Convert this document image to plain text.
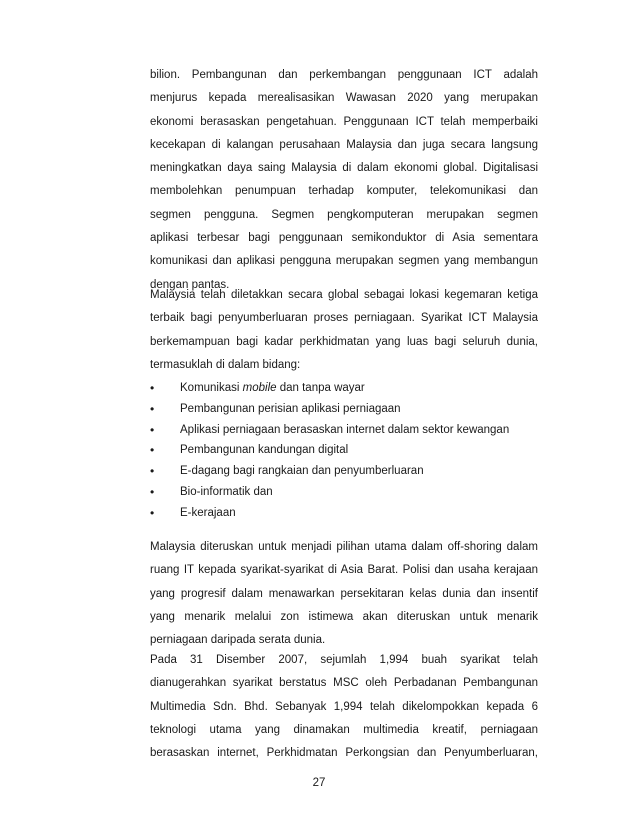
bilion. Pembangunan dan perkembangan penggunaan ICT adalah
menjurus kepada merealisasikan Wawasan 2020 yang merupakan
ekonomi berasaskan pengetahuan. Penggunaan ICT telah memperbaiki
kecekapan di kalangan perusahaan Malaysia dan juga secara langsung
meningkatkan daya saing Malaysia di dalam ekonomi global. Digitalisasi
membolehkan penumpuan terhadap komputer, telekomunikasi dan
segmen pengguna. Segmen pengkomputeran merupakan segmen
aplikasi terbesar bagi penggunaan semikonduktor di Asia sementara
komunikasi dan aplikasi pengguna merupakan segmen yang membangun
dengan pantas.
Malaysia telah diletakkan secara global sebagai lokasi kegemaran ketiga
terbaik bagi penyumberluaran proses perniagaan. Syarikat ICT Malaysia
berkemampuan bagi kadar perkhidmatan yang luas bagi seluruh dunia,
termasuklah di dalam bidang:
• Komunikasi mobile dan tanpa wayar
• Pembangunan perisian aplikasi perniagaan
• Aplikasi perniagaan berasaskan internet dalam sektor kewangan
• Pembangunan kandungan digital
• E-dagang bagi rangkaian dan penyumberluaran
• Bio-informatik dan
• E-kerajaan
Malaysia diteruskan untuk menjadi pilihan utama dalam off-shoring dalam
ruang IT kepada syarikat-syarikat di Asia Barat. Polisi dan usaha kerajaan
yang progresif dalam menawarkan persekitaran kelas dunia dan insentif
yang menarik melalui zon istimewa akan diteruskan untuk menarik
perniagaan daripada serata dunia.
Pada 31 Disember 2007, sejumlah 1,994 buah syarikat telah
dianugerahkan syarikat berstatus MSC oleh Perbadanan Pembangunan
Multimedia Sdn. Bhd. Sebanyak 1,994 telah dikelompokkan kepada 6
teknologi utama yang dinamakan multimedia kreatif, perniagaan
berasaskan internet, Perkhidmatan Perkongsian dan Penyumberluaran,
27
